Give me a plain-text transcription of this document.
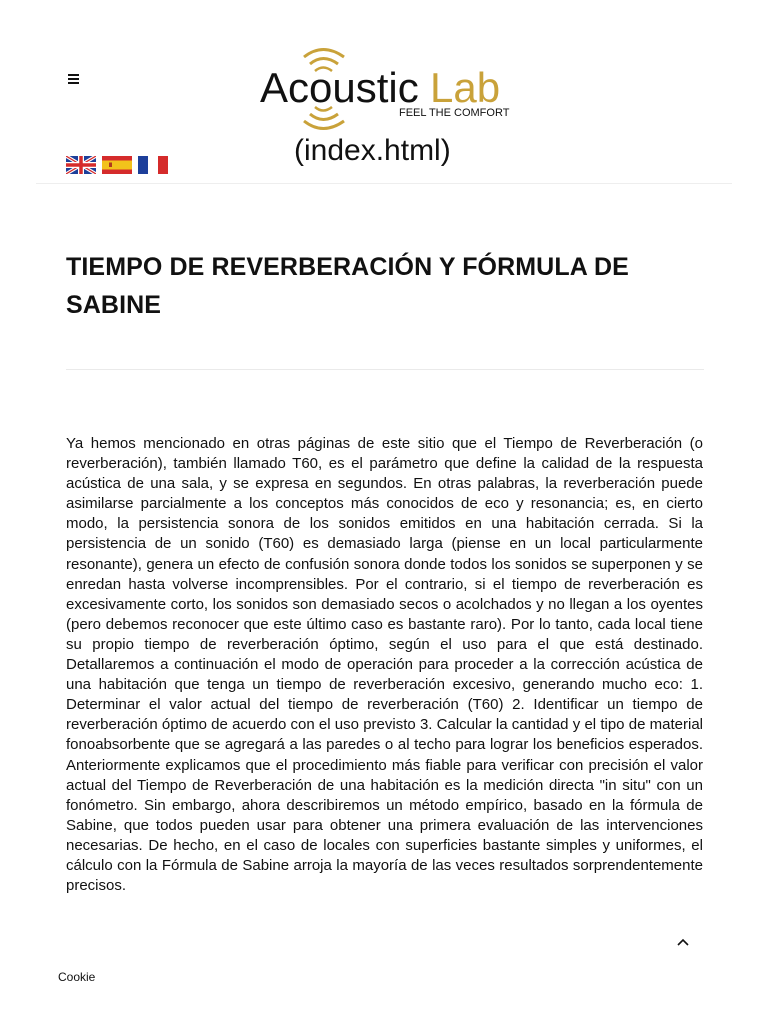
Acoustic Lab
FEEL THE COMFORT
(index.html)
TIEMPO DE REVERBERACIÓN Y FÓRMULA DE SABINE

Ya hemos mencionado en otras páginas de este sitio que el Tiempo de Reverberación (o reverberación), también llamado T60, es el parámetro que define la calidad de la respuesta acústica de una sala, y se expresa en segundos. En otras palabras, la reverberación puede asimilarse parcialmente a los conceptos más conocidos de eco y resonancia; es, en cierto modo, la persistencia sonora de los sonidos emitidos en una habitación cerrada. Si la persistencia de un sonido (T60) es demasiado larga (piense en un local particularmente resonante), genera un efecto de confusión sonora donde todos los sonidos se superponen y se enredan hasta volverse incomprensibles. Por el contrario, si el tiempo de reverberación es excesivamente corto, los sonidos son demasiado secos o acolchados y no llegan a los oyentes (pero debemos reconocer que este último caso es bastante raro). Por lo tanto, cada local tiene su propio tiempo de reverberación óptimo, según el uso para el que está destinado. Detallaremos a continuación el modo de operación para proceder a la corrección acústica de una habitación que tenga un tiempo de reverberación excesivo, generando mucho eco: 1. Determinar el valor actual del tiempo de reverberación (T60) 2. Identificar un tiempo de reverberación óptimo de acuerdo con el uso previsto 3. Calcular la cantidad y el tipo de material fonoabsorbente que se agregará a las paredes o al techo para lograr los beneficios esperados. Anteriormente explicamos que el procedimiento más fiable para verificar con precisión el valor actual del Tiempo de Reverberación de una habitación es la medición directa "in situ" con un fonómetro. Sin embargo, ahora describiremos un método empírico, basado en la fórmula de Sabine, que todos pueden usar para obtener una primera evaluación de las intervenciones necesarias. De hecho, en el caso de locales con superficies bastante simples y uniformes, el cálculo con la Fórmula de Sabine arroja la mayoría de las veces resultados sorprendentemente precisos.

Cookie
